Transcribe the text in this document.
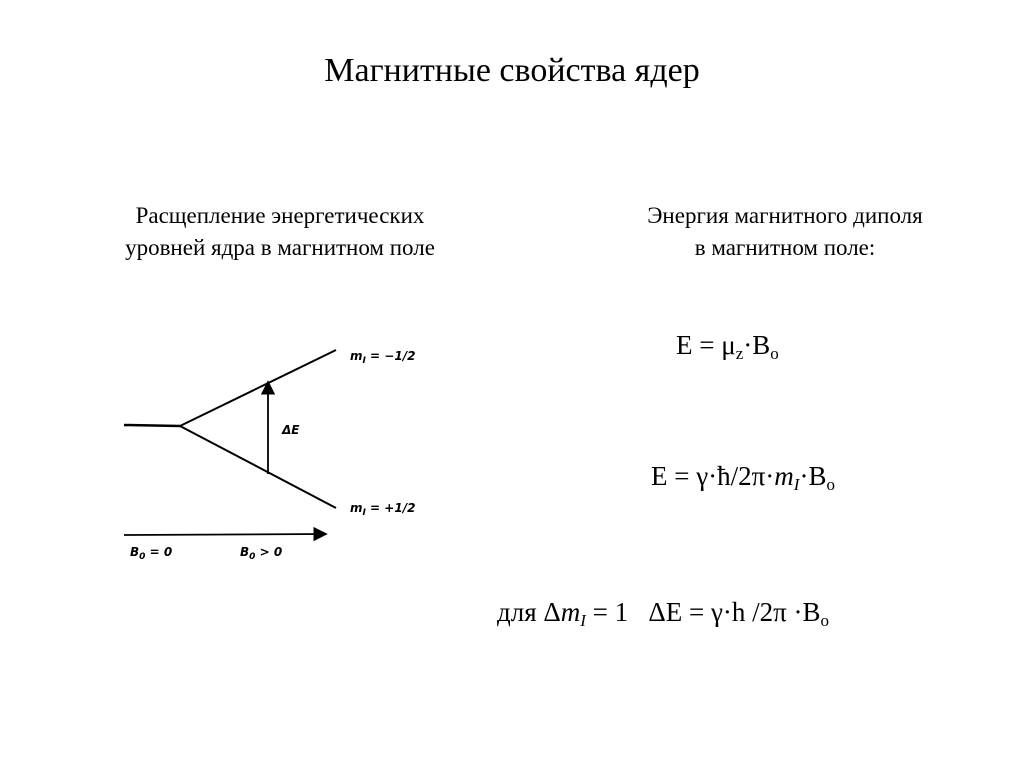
Магнитные свойства ядер
Расщепление энергетических
уровней ядра в магнитном поле
Энергия магнитного диполя
в магнитном поле:
$m_I = -1/2$
$m_I = +1/2$
ΔE
$B_0 = 0$	$B_0 > 0$
$E = \mu_z\cdot B_o$
$E = \gamma\cdot ħ/2\pi\cdot m_I\cdot B_o$
для $\Delta m_I = 1$   ΔE = γ·h $/2\pi \cdot B_o$
